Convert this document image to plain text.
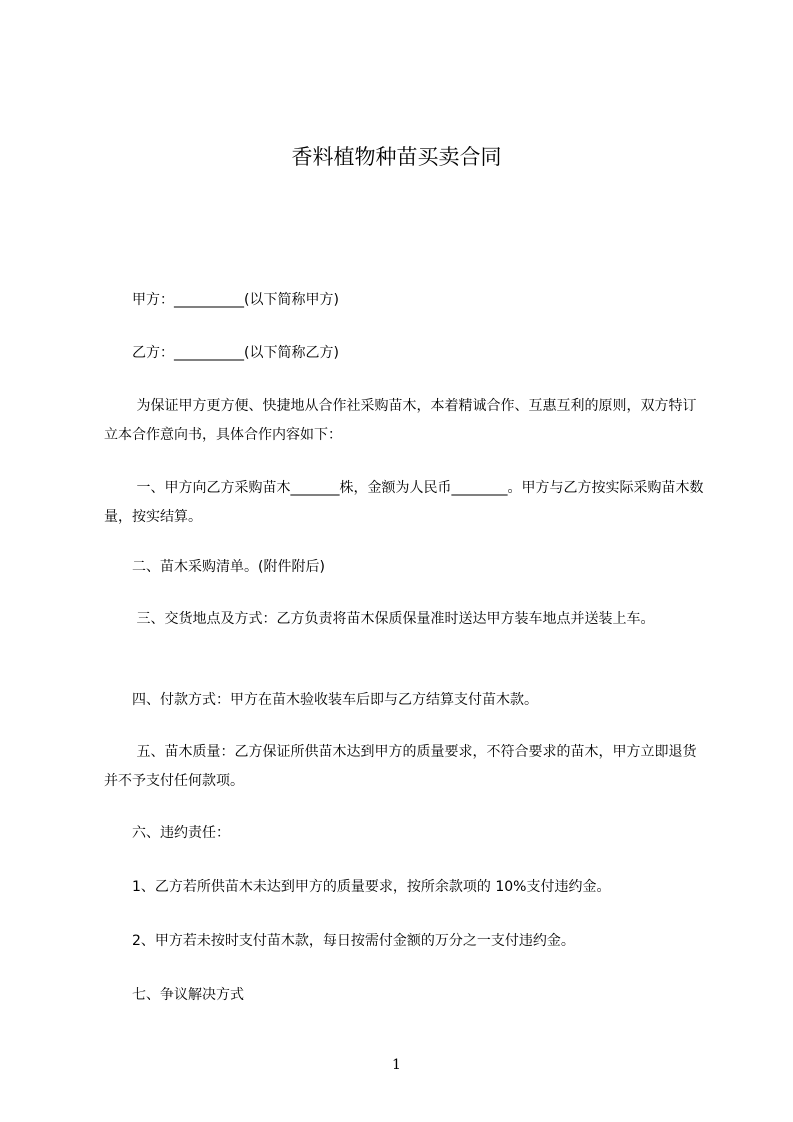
香料植物种苗买卖合同

　　甲方：__________(以下简称甲方)

　　乙方：__________(以下简称乙方)

　　 为保证甲方更方便、快捷地从合作社采购苗木，本着精诚合作、互惠互利的原则，双方特订立本合作意向书，具体合作内容如下：

　　 一、甲方向乙方采购苗木_______株，金额为人民币________。甲方与乙方按实际采购苗木数量，按实结算。

　　二、苗木采购清单。(附件附后)

　　 三、交货地点及方式：乙方负责将苗木保质保量准时送达甲方装车地点并送装上车。

　　四、付款方式：甲方在苗木验收装车后即与乙方结算支付苗木款。

　　 五、苗木质量：乙方保证所供苗木达到甲方的质量要求，不符合要求的苗木，甲方立即退货并不予支付任何款项。

　　六、违约责任：

　　1、乙方若所供苗木未达到甲方的质量要求，按所余款项的 10%支付违约金。

　　2、甲方若未按时支付苗木款，每日按需付金额的万分之一支付违约金。

　　七、争议解决方式

1
